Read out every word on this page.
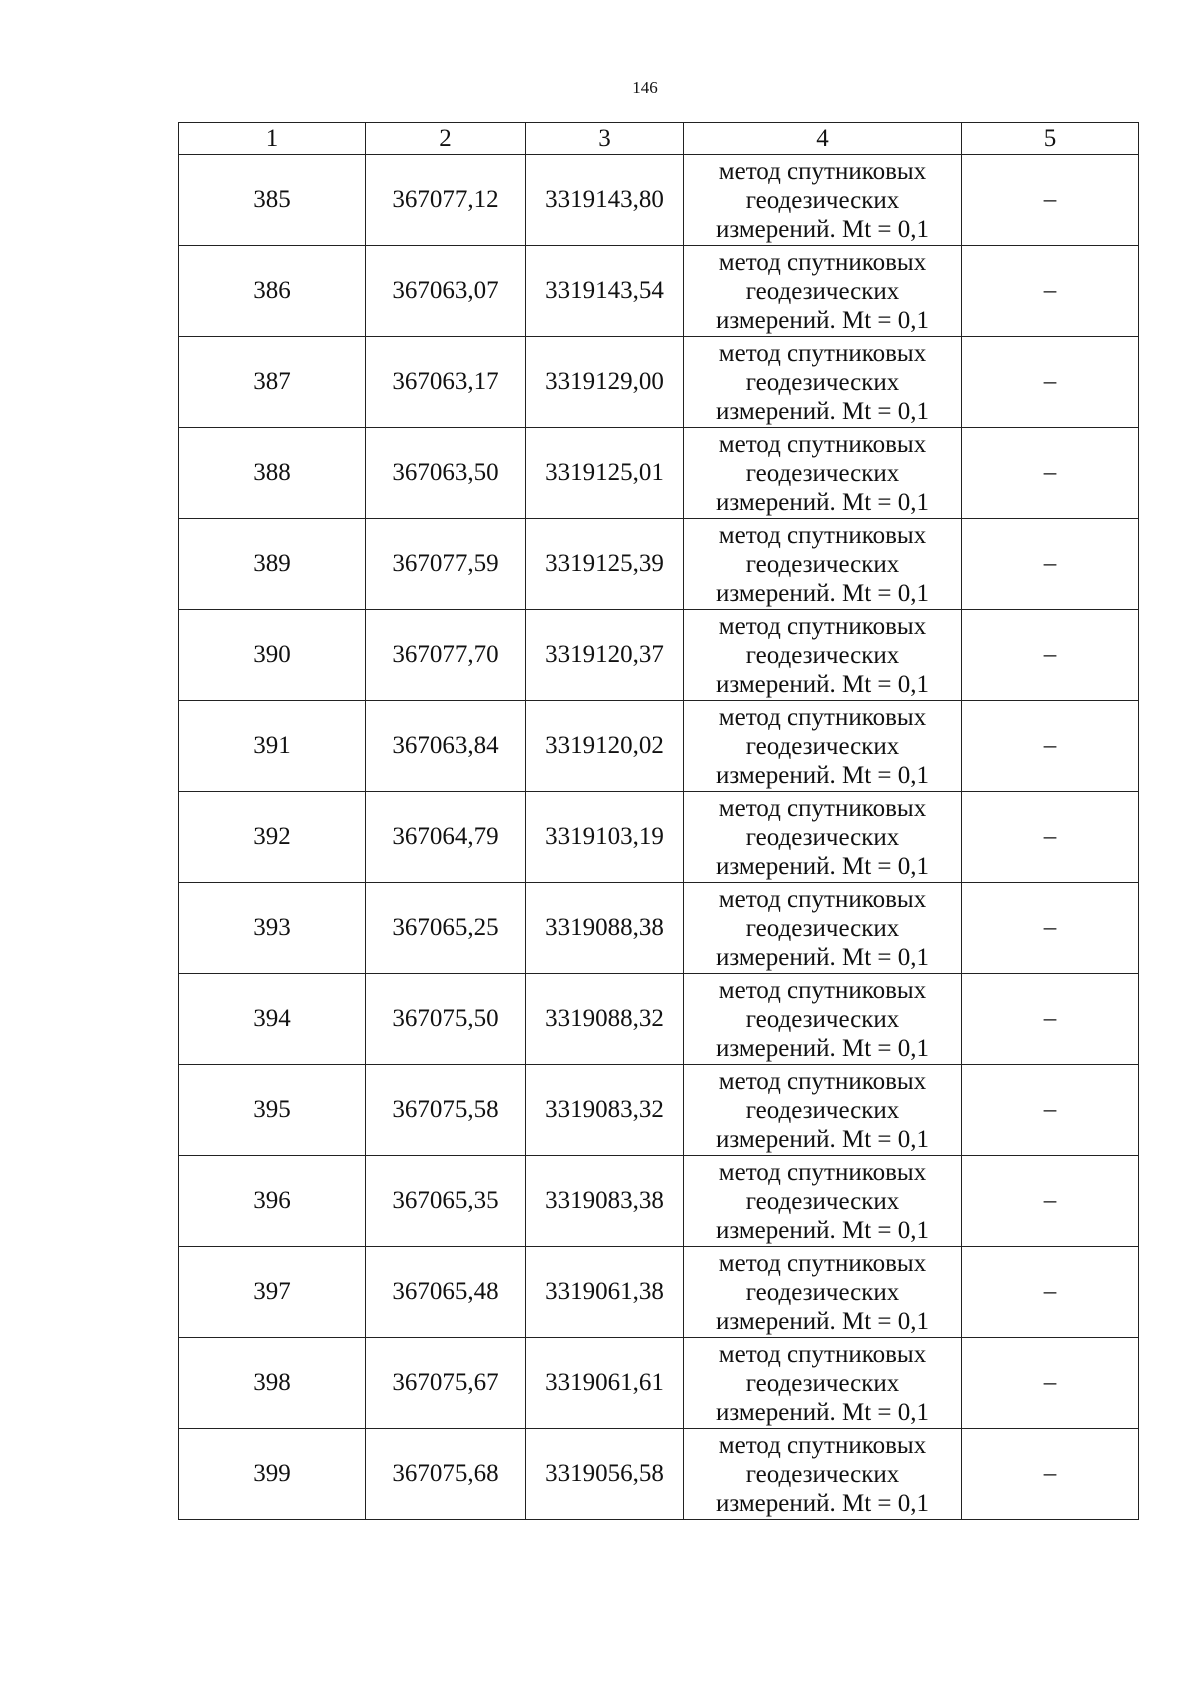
146
1	2	3	4	5
385	367077,12	3319143,80	метод спутниковых
геодезических
измерений. Mt = 0,1	–
386	367063,07	3319143,54	метод спутниковых
геодезических
измерений. Mt = 0,1	–
387	367063,17	3319129,00	метод спутниковых
геодезических
измерений. Mt = 0,1	–
388	367063,50	3319125,01	метод спутниковых
геодезических
измерений. Mt = 0,1	–
389	367077,59	3319125,39	метод спутниковых
геодезических
измерений. Mt = 0,1	–
390	367077,70	3319120,37	метод спутниковых
геодезических
измерений. Mt = 0,1	–
391	367063,84	3319120,02	метод спутниковых
геодезических
измерений. Mt = 0,1	–
392	367064,79	3319103,19	метод спутниковых
геодезических
измерений. Mt = 0,1	–
393	367065,25	3319088,38	метод спутниковых
геодезических
измерений. Mt = 0,1	–
394	367075,50	3319088,32	метод спутниковых
геодезических
измерений. Mt = 0,1	–
395	367075,58	3319083,32	метод спутниковых
геодезических
измерений. Mt = 0,1	–
396	367065,35	3319083,38	метод спутниковых
геодезических
измерений. Mt = 0,1	–
397	367065,48	3319061,38	метод спутниковых
геодезических
измерений. Mt = 0,1	–
398	367075,67	3319061,61	метод спутниковых
геодезических
измерений. Mt = 0,1	–
399	367075,68	3319056,58	метод спутниковых
геодезических
измерений. Mt = 0,1	–
